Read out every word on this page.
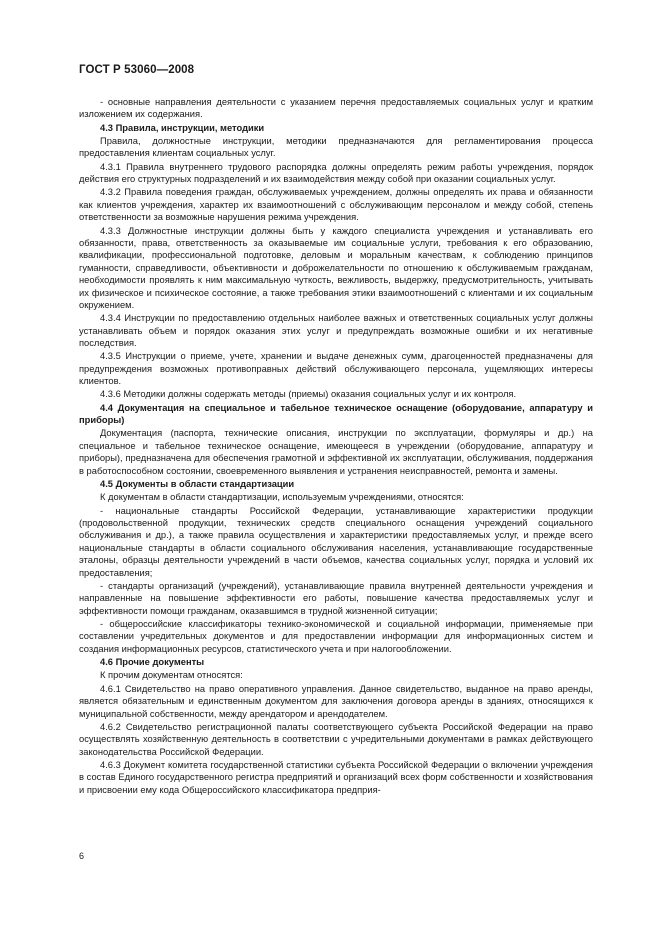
ГОСТ Р 53060—2008

- основные направления деятельности с указанием перечня предоставляемых социальных услуг и кратким изложением их содержания.

4.3 Правила, инструкции, методики

Правила, должностные инструкции, методики предназначаются для регламентирования процесса предоставления клиентам социальных услуг.

4.3.1 Правила внутреннего трудового распорядка должны определять режим работы учреждения, порядок действия его структурных подразделений и их взаимодействия между собой при оказании социальных услуг.

4.3.2 Правила поведения граждан, обслуживаемых учреждением, должны определять их права и обязанности как клиентов учреждения, характер их взаимоотношений с обслуживающим персоналом и между собой, степень ответственности за возможные нарушения режима учреждения.

4.3.3 Должностные инструкции должны быть у каждого специалиста учреждения и устанавливать его обязанности, права, ответственность за оказываемые им социальные услуги, требования к его образованию, квалификации, профессиональной подготовке, деловым и моральным качествам, к соблюдению принципов гуманности, справедливости, объективности и доброжелательности по отношению к обслуживаемым гражданам, необходимости проявлять к ним максимальную чуткость, вежливость, выдержку, предусмотрительность, учитывать их физическое и психическое состояние, а также требования этики взаимоотношений с клиентами и их социальным окружением.

4.3.4 Инструкции по предоставлению отдельных наиболее важных и ответственных социальных услуг должны устанавливать объем и порядок оказания этих услуг и предупреждать возможные ошибки и их негативные последствия.

4.3.5 Инструкции о приеме, учете, хранении и выдаче денежных сумм, драгоценностей предназначены для предупреждения возможных противоправных действий обслуживающего персонала, ущемляющих интересы клиентов.

4.3.6 Методики должны содержать методы (приемы) оказания социальных услуг и их контроля.

4.4 Документация на специальное и табельное техническое оснащение (оборудование, аппаратуру и приборы)

Документация (паспорта, технические описания, инструкции по эксплуатации, формуляры и др.) на специальное и табельное техническое оснащение, имеющееся в учреждении (оборудование, аппаратуру и приборы), предназначена для обеспечения грамотной и эффективной их эксплуатации, обслуживания, поддержания в работоспособном состоянии, своевременного выявления и устранения неисправностей, ремонта и замены.

4.5 Документы в области стандартизации

К документам в области стандартизации, используемым учреждениями, относятся:

- национальные стандарты Российской Федерации, устанавливающие характеристики продукции (продовольственной продукции, технических средств специального оснащения учреждений социального обслуживания и др.), а также правила осуществления и характеристики предоставляемых услуг, и прежде всего национальные стандарты в области социального обслуживания населения, устанавливающие государственные эталоны, образцы деятельности учреждений в части объемов, качества социальных услуг, порядка и условий их предоставления;

- стандарты организаций (учреждений), устанавливающие правила внутренней деятельности учреждения и направленные на повышение эффективности его работы, повышение качества предоставляемых услуг и эффективности помощи гражданам, оказавшимся в трудной жизненной ситуации;

- общероссийские классификаторы технико-экономической и социальной информации, применяемые при составлении учредительных документов и для предоставлении информации для информационных систем и создания информационных ресурсов, статистического учета и при налогообложении.

4.6 Прочие документы

К прочим документам относятся:

4.6.1 Свидетельство на право оперативного управления. Данное свидетельство, выданное на право аренды, является обязательным и единственным документом для заключения договора аренды в зданиях, относящихся к муниципальной собственности, между арендатором и арендодателем.

4.6.2 Свидетельство регистрационной палаты соответствующего субъекта Российской Федерации на право осуществлять хозяйственную деятельность в соответствии с учредительными документами в рамках действующего законодательства Российской Федерации.

4.6.3 Документ комитета государственной статистики субъекта Российской Федерации о включении учреждения в состав Единого государственного регистра предприятий и организаций всех форм собственности и хозяйствования и присвоении ему кода Общероссийского классификатора предприя-

6
